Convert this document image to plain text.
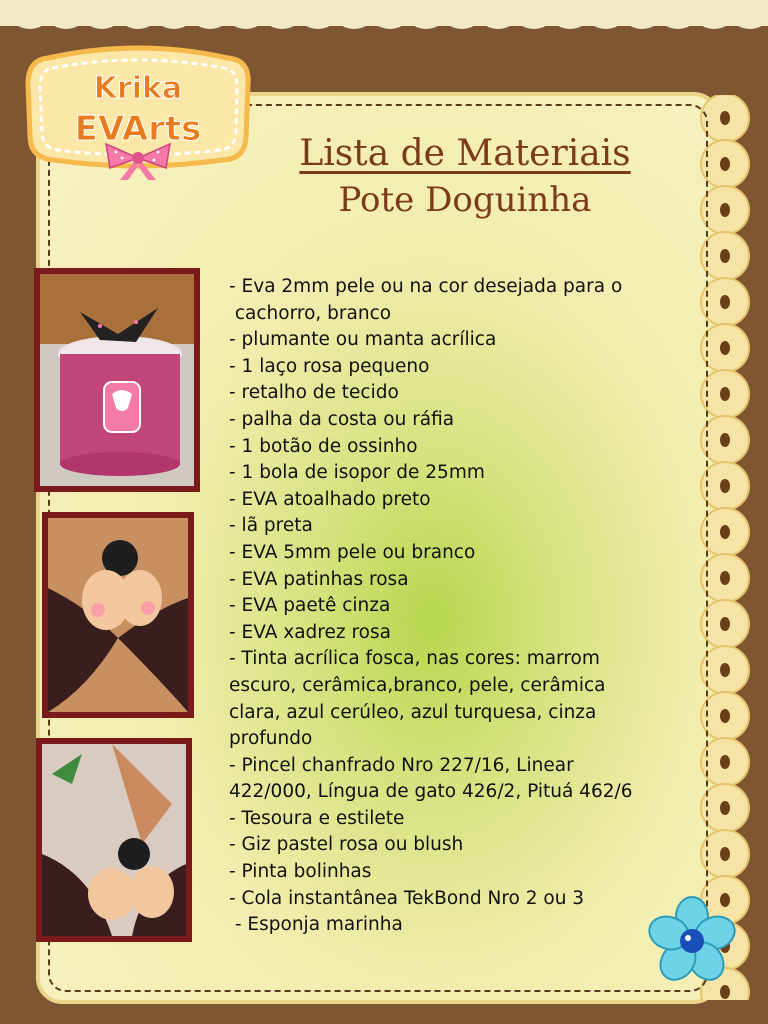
Krika
EVArts
Lista de Materiais
Pote Doguinha
- Eva 2mm pele ou na cor desejada para o
cachorro, branco
- plumante ou manta acrílica
- 1 laço rosa pequeno
- retalho de tecido
- palha da costa ou ráfia
- 1 botão de ossinho
- 1 bola de isopor de 25mm
- EVA atoalhado preto
- lã preta
- EVA 5mm pele ou branco
- EVA patinhas rosa
- EVA paetê cinza
- EVA xadrez rosa
- Tinta acrílica fosca, nas cores: marrom
escuro, cerâmica,branco, pele, cerâmica
clara, azul cerúleo, azul turquesa, cinza
profundo
- Pincel chanfrado Nro 227/16, Linear
422/000, Língua de gato 426/2, Pituá 462/6
- Tesoura e estilete
- Giz pastel rosa ou blush
- Pinta bolinhas
- Cola instantânea TekBond Nro 2 ou 3
- Esponja marinha
